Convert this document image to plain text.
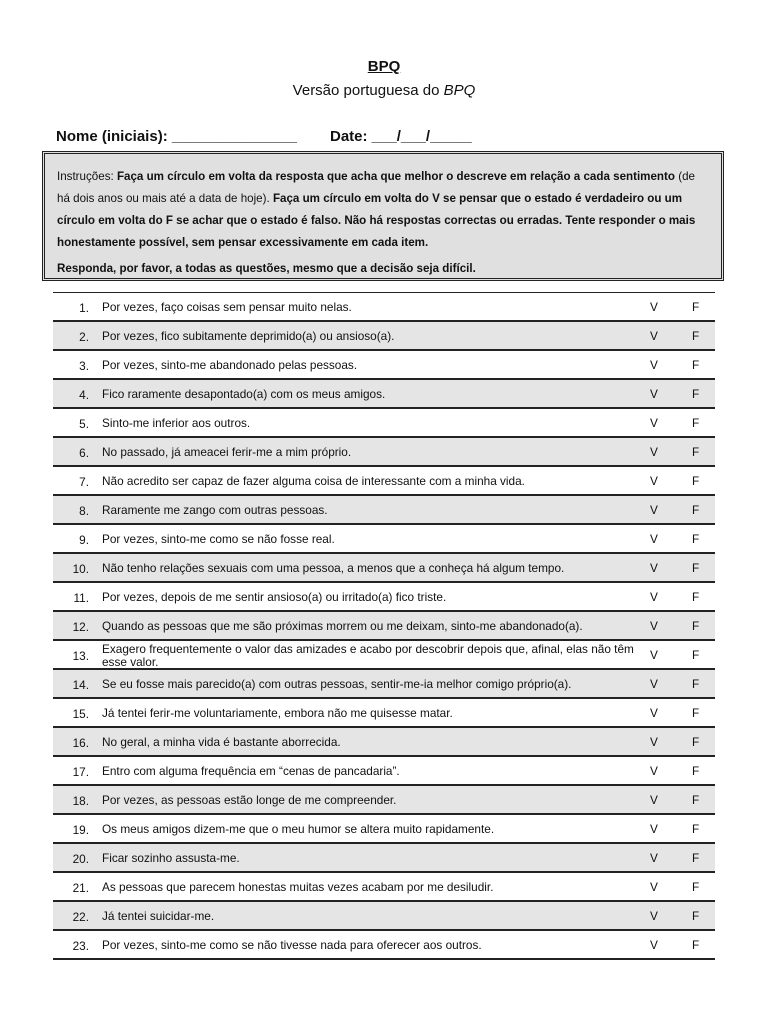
BPQ
Versão portuguesa do BPQ
Nome (iniciais): _______________ Date: ___/___/_____

Instruções: Faça um círculo em volta da resposta que acha que melhor o descreve em relação a cada sentimento (de há dois anos ou mais até a data de hoje). Faça um círculo em volta do V se pensar que o estado é verdadeiro ou um círculo em volta do F se achar que o estado é falso. Não há respostas correctas ou erradas. Tente responder o mais honestamente possível, sem pensar excessivamente em cada item.

Responda, por favor, a todas as questões, mesmo que a decisão seja difícil.

1. Por vezes, faço coisas sem pensar muito nelas.	V	F
2. Por vezes, fico subitamente deprimido(a) ou ansioso(a).	V	F
3. Por vezes, sinto-me abandonado pelas pessoas.	V	F
4. Fico raramente desapontado(a) com os meus amigos.	V	F
5. Sinto-me inferior aos outros.	V	F
6. No passado, já ameacei ferir-me a mim próprio.	V	F
7. Não acredito ser capaz de fazer alguma coisa de interessante com a minha vida.	V	F
8. Raramente me zango com outras pessoas.	V	F
9. Por vezes, sinto-me como se não fosse real.	V	F
10. Não tenho relações sexuais com uma pessoa, a menos que a conheça há algum tempo.	V	F
11. Por vezes, depois de me sentir ansioso(a) ou irritado(a) fico triste.	V	F
12. Quando as pessoas que me são próximas morrem ou me deixam, sinto-me abandonado(a).	V	F
13. Exagero frequentemente o valor das amizades e acabo por descobrir depois que, afinal, elas não têm esse valor.	V	F
14. Se eu fosse mais parecido(a) com outras pessoas, sentir-me-ia melhor comigo próprio(a).	V	F
15. Já tentei ferir-me voluntariamente, embora não me quisesse matar.	V	F
16. No geral, a minha vida é bastante aborrecida.	V	F
17. Entro com alguma frequência em “cenas de pancadaria”.	V	F
18. Por vezes, as pessoas estão longe de me compreender.	V	F
19. Os meus amigos dizem-me que o meu humor se altera muito rapidamente.	V	F
20. Ficar sozinho assusta-me.	V	F
21. As pessoas que parecem honestas muitas vezes acabam por me desiludir.	V	F
22. Já tentei suicidar-me.	V	F
23. Por vezes, sinto-me como se não tivesse nada para oferecer aos outros.	V	F
